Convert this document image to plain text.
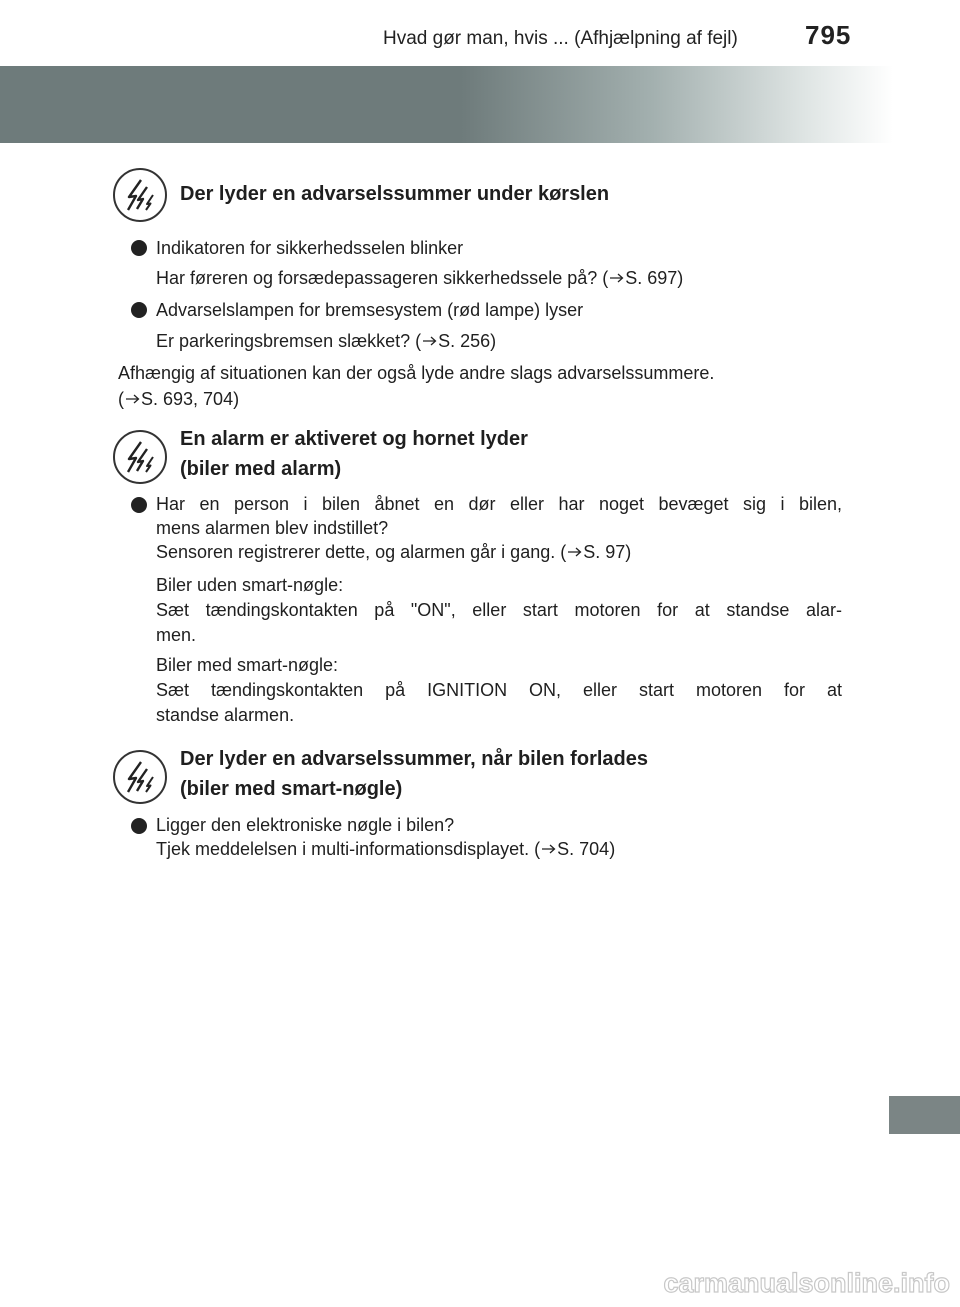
Hvad gør man, hvis ... (Afhjælpning af fejl)	795
Der lyder en advarselssummer under kørslen
Indikatoren for sikkerhedsselen blinker
Har føreren og forsædepassageren sikkerhedssele på? ( S. 697)
Advarselslampen for bremsesystem (rød lampe) lyser
Er parkeringsbremsen slækket? ( S. 256)
Afhængig af situationen kan der også lyde andre slags advarselssummere.
( S. 693, 704)
En alarm er aktiveret og hornet lyder
(biler med alarm)
Har en person i bilen åbnet en dør eller har noget bevæget sig i bilen,
mens alarmen blev indstillet?
Sensoren registrerer dette, og alarmen går i gang. ( S. 97)
Biler uden smart-nøgle:
Sæt tændingskontakten på "ON", eller start motoren for at standse alar-
men.
Biler med smart-nøgle:
Sæt tændingskontakten på IGNITION ON, eller start motoren for at
standse alarmen.
Der lyder en advarselssummer, når bilen forlades
(biler med smart-nøgle)
Ligger den elektroniske nøgle i bilen?
Tjek meddelelsen i multi-informationsdisplayet. ( S. 704)
carmanualsonline.info
